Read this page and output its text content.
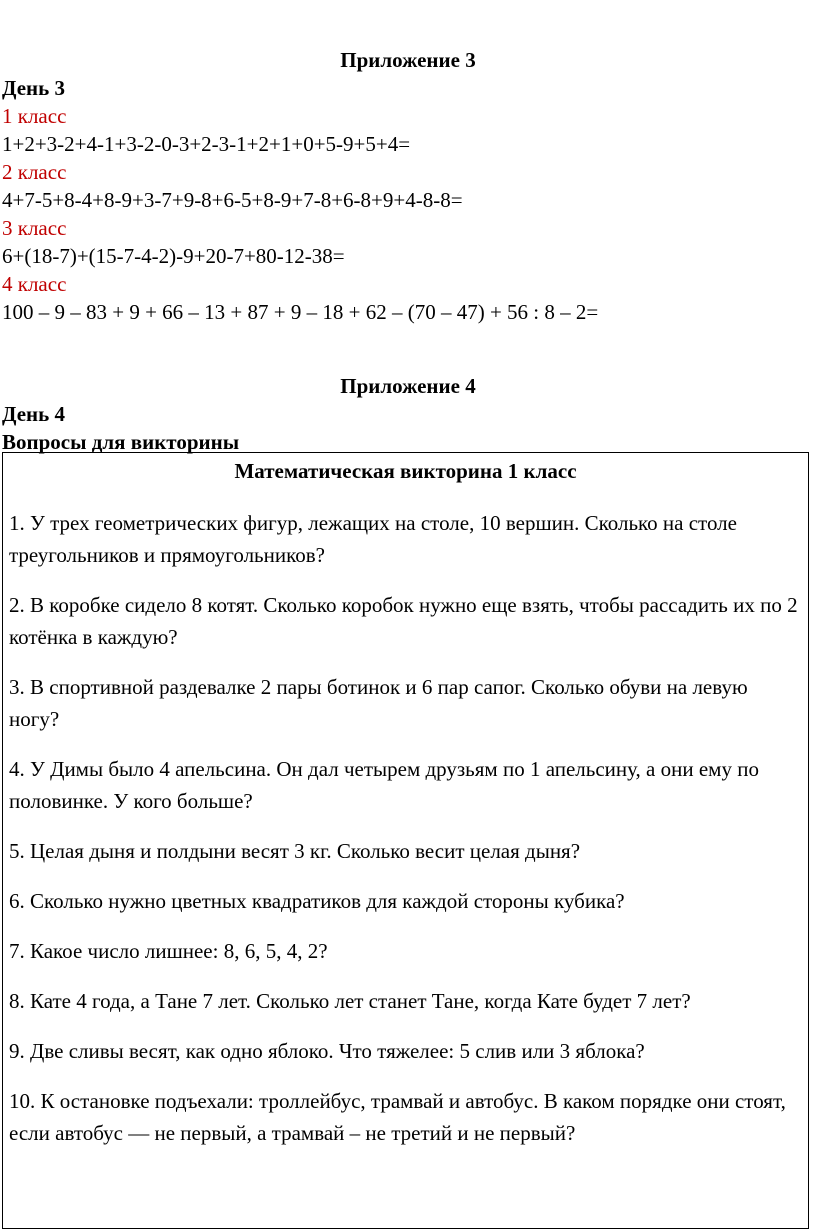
Приложение 3

День 3

1 класс

1+2+3-2+4-1+3-2-0-3+2-3-1+2+1+0+5-9+5+4=

2 класс

4+7-5+8-4+8-9+3-7+9-8+6-5+8-9+7-8+6-8+9+4-8-8=

3 класс

6+(18-7)+(15-7-4-2)-9+20-7+80-12-38=

4 класс

100 – 9 – 83 + 9 + 66 – 13 + 87 + 9 – 18 + 62 – (70 – 47) + 56 : 8 – 2=

Приложение 4

День 4

Вопросы для викторины

Математическая викторина 1 класс

1. У трех геометрических фигур, лежащих на столе, 10 вершин. Сколько на столе треугольников и прямоугольников?
2. В коробке сидело 8 котят. Сколько коробок нужно еще взять, чтобы рассадить их по 2 котёнка в каждую?
3. В спортивной раздевалке 2 пары ботинок и 6 пар сапог. Сколько обуви на левую ногу?
4. У Димы было 4 апельсина. Он дал четырем друзьям по 1 апельсину, а они ему по половинке. У кого больше?
5. Целая дыня и полдыни весят 3 кг. Сколько весит целая дыня?
6. Сколько нужно цветных квадратиков для каждой стороны кубика?
7. Какое число лишнее: 8, 6, 5, 4, 2?
8. Кате 4 года, а Тане 7 лет. Сколько лет станет Тане, когда Кате будет 7 лет?
9. Две сливы весят, как одно яблоко. Что тяжелее: 5 слив или 3 яблока?
10. К остановке подъехали: троллейбус, трамвай и автобус. В каком порядке они стоят, если автобус — не первый, а трамвай – не третий и не первый?
